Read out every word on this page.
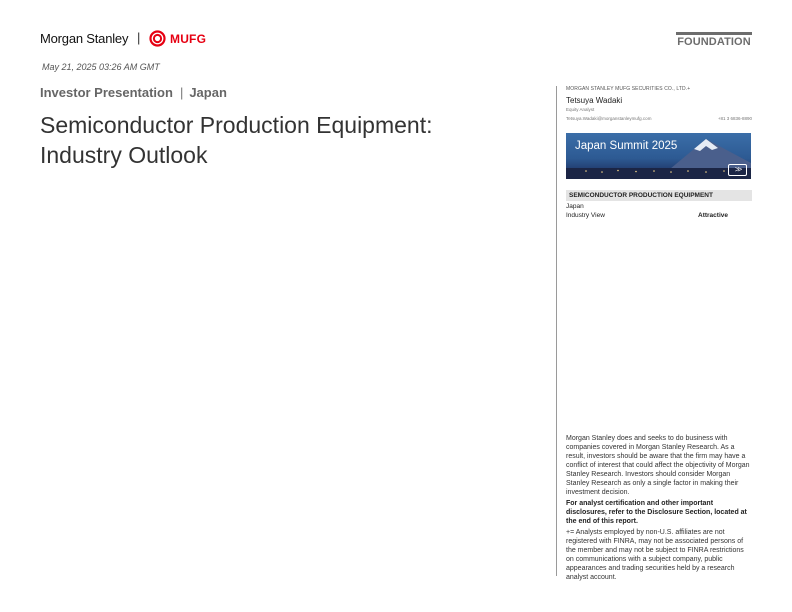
Morgan Stanley | MUFG	FOUNDATION
May 21, 2025 03:26 AM GMT
Investor Presentation | Japan
Semiconductor Production Equipment:
Industry Outlook
MORGAN STANLEY MUFG SECURITIES CO., LTD.+
Tetsuya Wadaki
Equity Analyst
Tetsuya.Wadaki@morganstanleymufg.com	+81 3 6836-8890
Japan Summit 2025
>>
SEMICONDUCTOR PRODUCTION EQUIPMENT
Japan
Industry View	Attractive

Morgan Stanley does and seeks to do business with companies covered in Morgan Stanley Research. As a result, investors should be aware that the firm may have a conflict of interest that could affect the objectivity of Morgan Stanley Research. Investors should consider Morgan Stanley Research as only a single factor in making their investment decision.

For analyst certification and other important disclosures, refer to the Disclosure Section, located at the end of this report.

+= Analysts employed by non-U.S. affiliates are not registered with FINRA, may not be associated persons of the member and may not be subject to FINRA restrictions on communications with a subject company, public appearances and trading securities held by a research analyst account.
